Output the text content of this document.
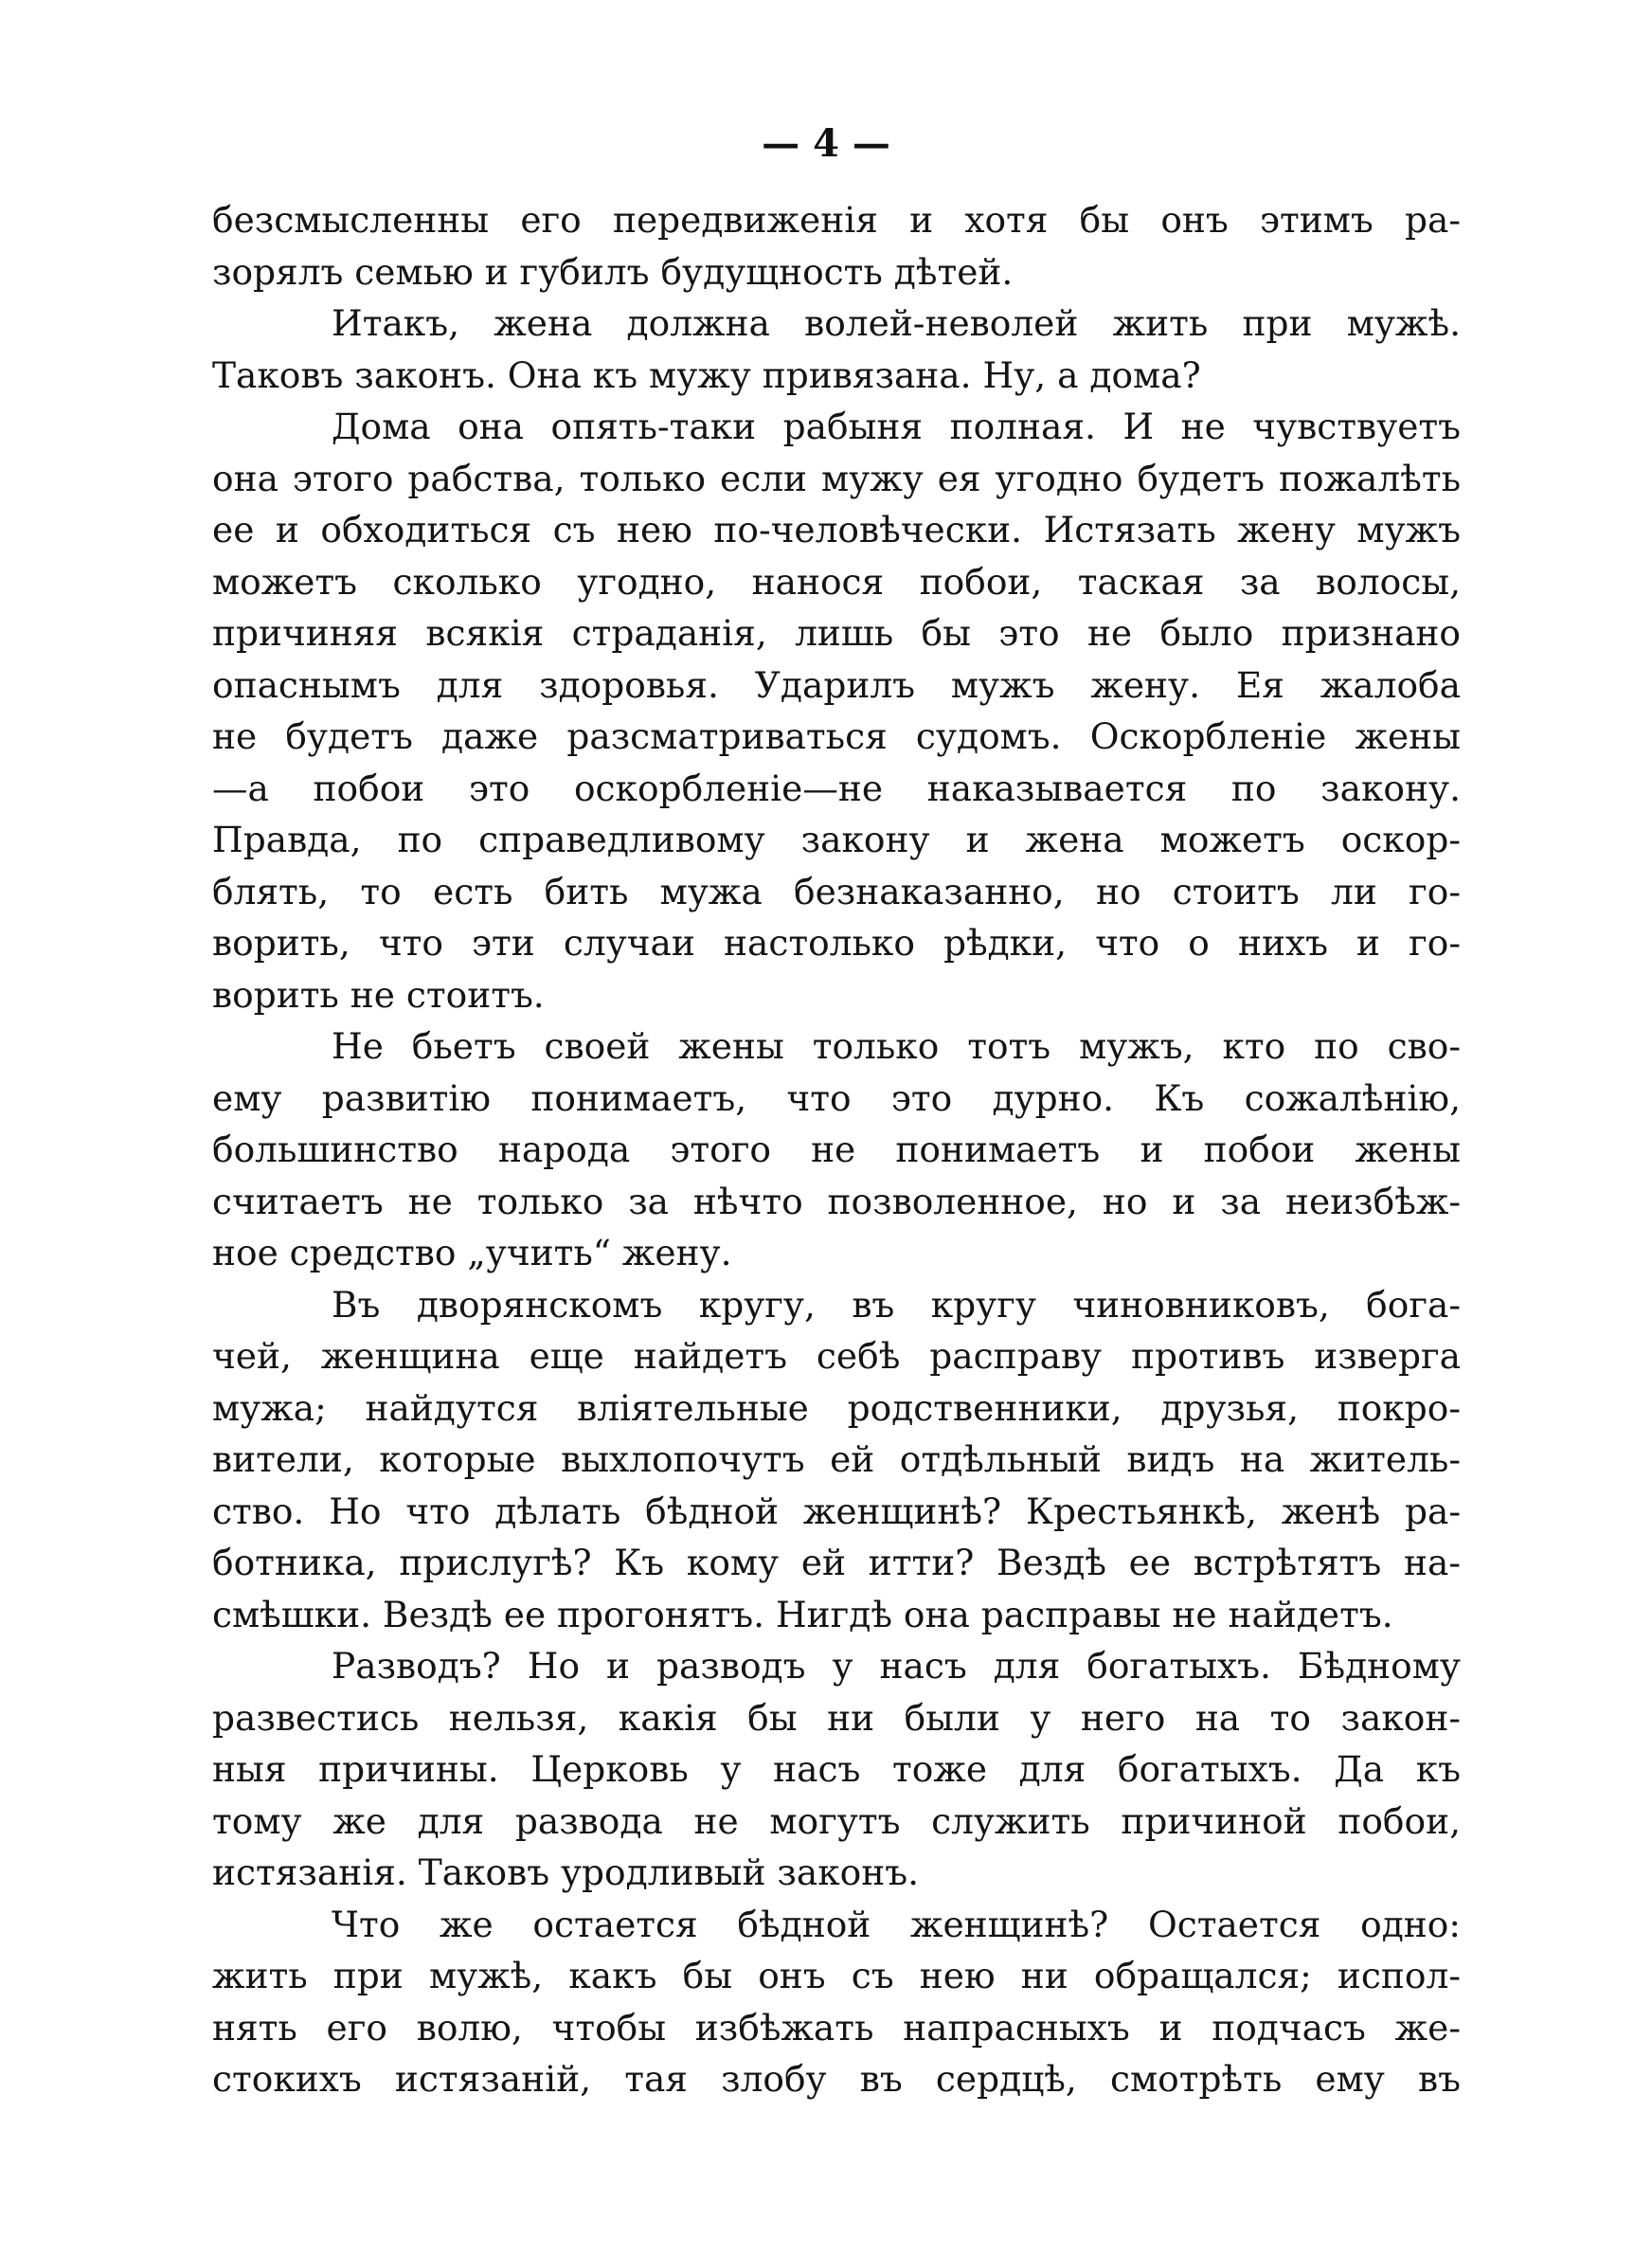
— 4 —
безсмысленны его передвиженія и хотя бы онъ этимъ ра-
зорялъ семью и губилъ будущность дѣтей.
Итакъ, жена должна волей-неволей жить при мужѣ.
Таковъ законъ. Она къ мужу привязана. Ну, а дома?
Дома она опять-таки рабыня полная. И не чувствуетъ
она этого рабства, только если мужу ея угодно будетъ пожалѣть
ее и обходиться съ нею по-человѣчески. Истязать жену мужъ
можетъ сколько угодно, нанося побои, таская за волосы,
причиняя всякія страданія, лишь бы это не было признано
опаснымъ для здоровья. Ударилъ мужъ жену. Ея жалоба
не будетъ даже разсматриваться судомъ. Оскорбленіе жены
—а побои это оскорбленіе—не наказывается по закону.
Правда, по справедливому закону и жена можетъ оскор-
блять, то есть бить мужа безнаказанно, но стоитъ ли го-
ворить, что эти случаи настолько рѣдки, что о нихъ и го-
ворить не стоитъ.
Не бьетъ своей жены только тотъ мужъ, кто по сво-
ему развитію понимаетъ, что это дурно. Къ сожалѣнію,
большинство народа этого не понимаетъ и побои жены
считаетъ не только за нѣчто позволенное, но и за неизбѣж-
ное средство „учить“ жену.
Въ дворянскомъ кругу, въ кругу чиновниковъ, бога-
чей, женщина еще найдетъ себѣ расправу противъ изверга
мужа; найдутся вліятельные родственники, друзья, покро-
вители, которые выхлопочутъ ей отдѣльный видъ на житель-
ство. Но что дѣлать бѣдной женщинѣ? Крестьянкѣ, женѣ ра-
ботника, прислугѣ? Къ кому ей итти? Вездѣ ее встрѣтятъ на-
смѣшки. Вездѣ ее прогонятъ. Нигдѣ она расправы не найдетъ.
Разводъ? Но и разводъ у насъ для богатыхъ. Бѣдному
развестись нельзя, какія бы ни были у него на то закон-
ныя причины. Церковь у насъ тоже для богатыхъ. Да къ
тому же для развода не могутъ служить причиной побои,
истязанія. Таковъ уродливый законъ.
Что же остается бѣдной женщинѣ? Остается одно:
жить при мужѣ, какъ бы онъ съ нею ни обращался; испол-
нять его волю, чтобы избѣжать напрасныхъ и подчасъ же-
стокихъ истязаній, тая злобу въ сердцѣ, смотрѣть ему въ
